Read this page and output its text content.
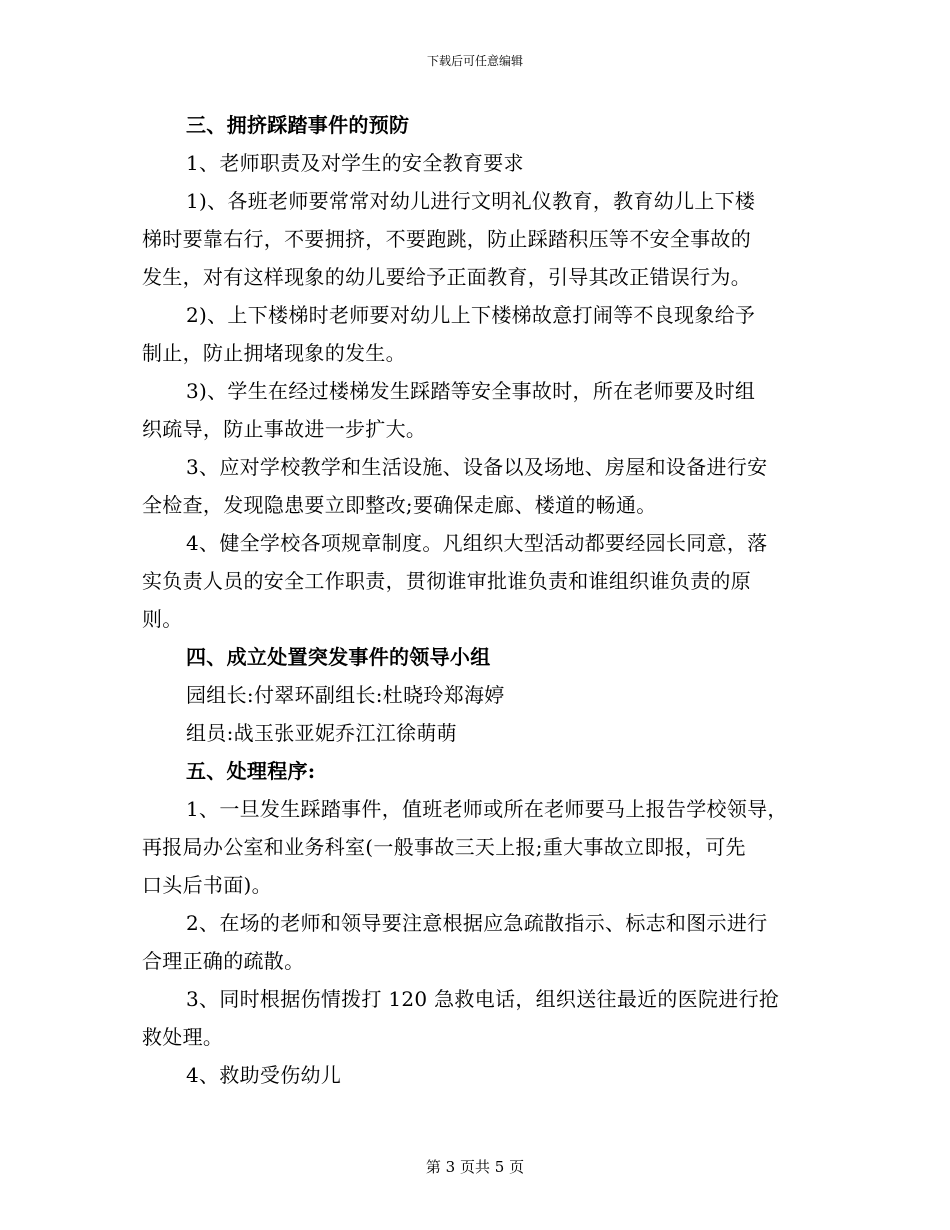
下载后可任意编辑
三、拥挤踩踏事件的预防
1、老师职责及对学生的安全教育要求
1)、各班老师要常常对幼儿进行文明礼仪教育，教育幼儿上下楼
梯时要靠右行，不要拥挤，不要跑跳，防止踩踏积压等不安全事故的
发生，对有这样现象的幼儿要给予正面教育，引导其改正错误行为。
2)、上下楼梯时老师要对幼儿上下楼梯故意打闹等不良现象给予
制止，防止拥堵现象的发生。
3)、学生在经过楼梯发生踩踏等安全事故时，所在老师要及时组
织疏导，防止事故进一步扩大。
3、应对学校教学和生活设施、设备以及场地、房屋和设备进行安
全检查，发现隐患要立即整改;要确保走廊、楼道的畅通。
4、健全学校各项规章制度。凡组织大型活动都要经园长同意，落
实负责人员的安全工作职责，贯彻谁审批谁负责和谁组织谁负责的原
则。
四、成立处置突发事件的领导小组
园组长:付翠环副组长:杜晓玲郑海婷
组员:战玉张亚妮乔江江徐萌萌
五、处理程序:
1、一旦发生踩踏事件，值班老师或所在老师要马上报告学校领导，
再报局办公室和业务科室(一般事故三天上报;重大事故立即报，可先
口头后书面)。
2、在场的老师和领导要注意根据应急疏散指示、标志和图示进行
合理正确的疏散。
3、同时根据伤情拨打 120 急救电话，组织送往最近的医院进行抢
救处理。
4、救助受伤幼儿
第 3 页共 5 页
